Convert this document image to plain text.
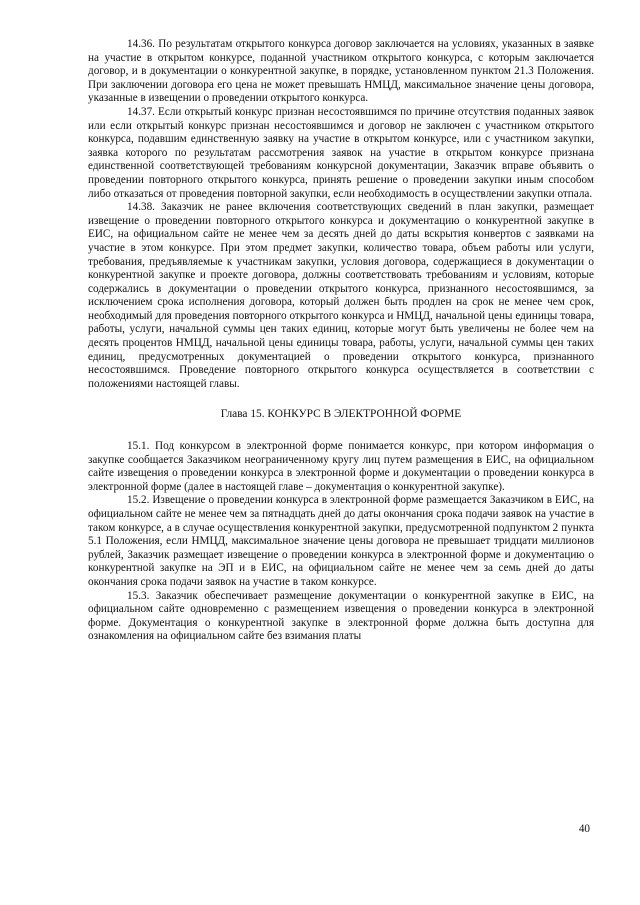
14.36. По результатам открытого конкурса договор заключается на условиях, указанных в заявке на участие в открытом конкурсе, поданной участником открытого конкурса, с которым заключается договор, и в документации о конкурентной закупке, в порядке, установленном пунктом 21.3 Положения. При заключении договора его цена не может превышать НМЦД, максимальное значение цены договора, указанные в извещении о проведении открытого конкурса.

14.37. Если открытый конкурс признан несостоявшимся по причине отсутствия поданных заявок или если открытый конкурс признан несостоявшимся и договор не заключен с участником открытого конкурса, подавшим единственную заявку на участие в открытом конкурсе, или с участником закупки, заявка которого по результатам рассмотрения заявок на участие в открытом конкурсе признана единственной соответствующей требованиям конкурсной документации, Заказчик вправе объявить о проведении повторного открытого конкурса, принять решение о проведении закупки иным способом либо отказаться от проведения повторной закупки, если необходимость в осуществлении закупки отпала.

14.38. Заказчик не ранее включения соответствующих сведений в план закупки, размещает извещение о проведении повторного открытого конкурса и документацию о конкурентной закупке в ЕИС, на официальном сайте не менее чем за десять дней до даты вскрытия конвертов с заявками на участие в этом конкурсе. При этом предмет закупки, количество товара, объем работы или услуги, требования, предъявляемые к участникам закупки, условия договора, содержащиеся в документации о конкурентной закупке и проекте договора, должны соответствовать требованиям и условиям, которые содержались в документации о проведении открытого конкурса, признанного несостоявшимся, за исключением срока исполнения договора, который должен быть продлен на срок не менее чем срок, необходимый для проведения повторного открытого конкурса и НМЦД, начальной цены единицы товара, работы, услуги, начальной суммы цен таких единиц, которые могут быть увеличены не более чем на десять процентов НМЦД, начальной цены единицы товара, работы, услуги, начальной суммы цен таких единиц, предусмотренных документацией о проведении открытого конкурса, признанного несостоявшимся. Проведение повторного открытого конкурса осуществляется в соответствии с положениями настоящей главы.

Глава 15. КОНКУРС В ЭЛЕКТРОННОЙ ФОРМЕ

15.1. Под конкурсом в электронной форме понимается конкурс, при котором информация о закупке сообщается Заказчиком неограниченному кругу лиц путем размещения в ЕИС, на официальном сайте извещения о проведении конкурса в электронной форме и документации о проведении конкурса в электронной форме (далее в настоящей главе – документация о конкурентной закупке).

15.2. Извещение о проведении конкурса в электронной форме размещается Заказчиком в ЕИС, на официальном сайте не менее чем за пятнадцать дней до даты окончания срока подачи заявок на участие в таком конкурсе, а в случае осуществления конкурентной закупки, предусмотренной подпунктом 2 пункта 5.1 Положения, если НМЦД, максимальное значение цены договора не превышает тридцати миллионов рублей, Заказчик размещает извещение о проведении конкурса в электронной форме и документацию о конкурентной закупке на ЭП и в ЕИС, на официальном сайте не менее чем за семь дней до даты окончания срока подачи заявок на участие в таком конкурсе.

15.3. Заказчик обеспечивает размещение документации о конкурентной закупке в ЕИС, на официальном сайте одновременно с размещением извещения о проведении конкурса в электронной форме. Документация о конкурентной закупке в электронной форме должна быть доступна для ознакомления на официальном сайте без взимания платы

40
